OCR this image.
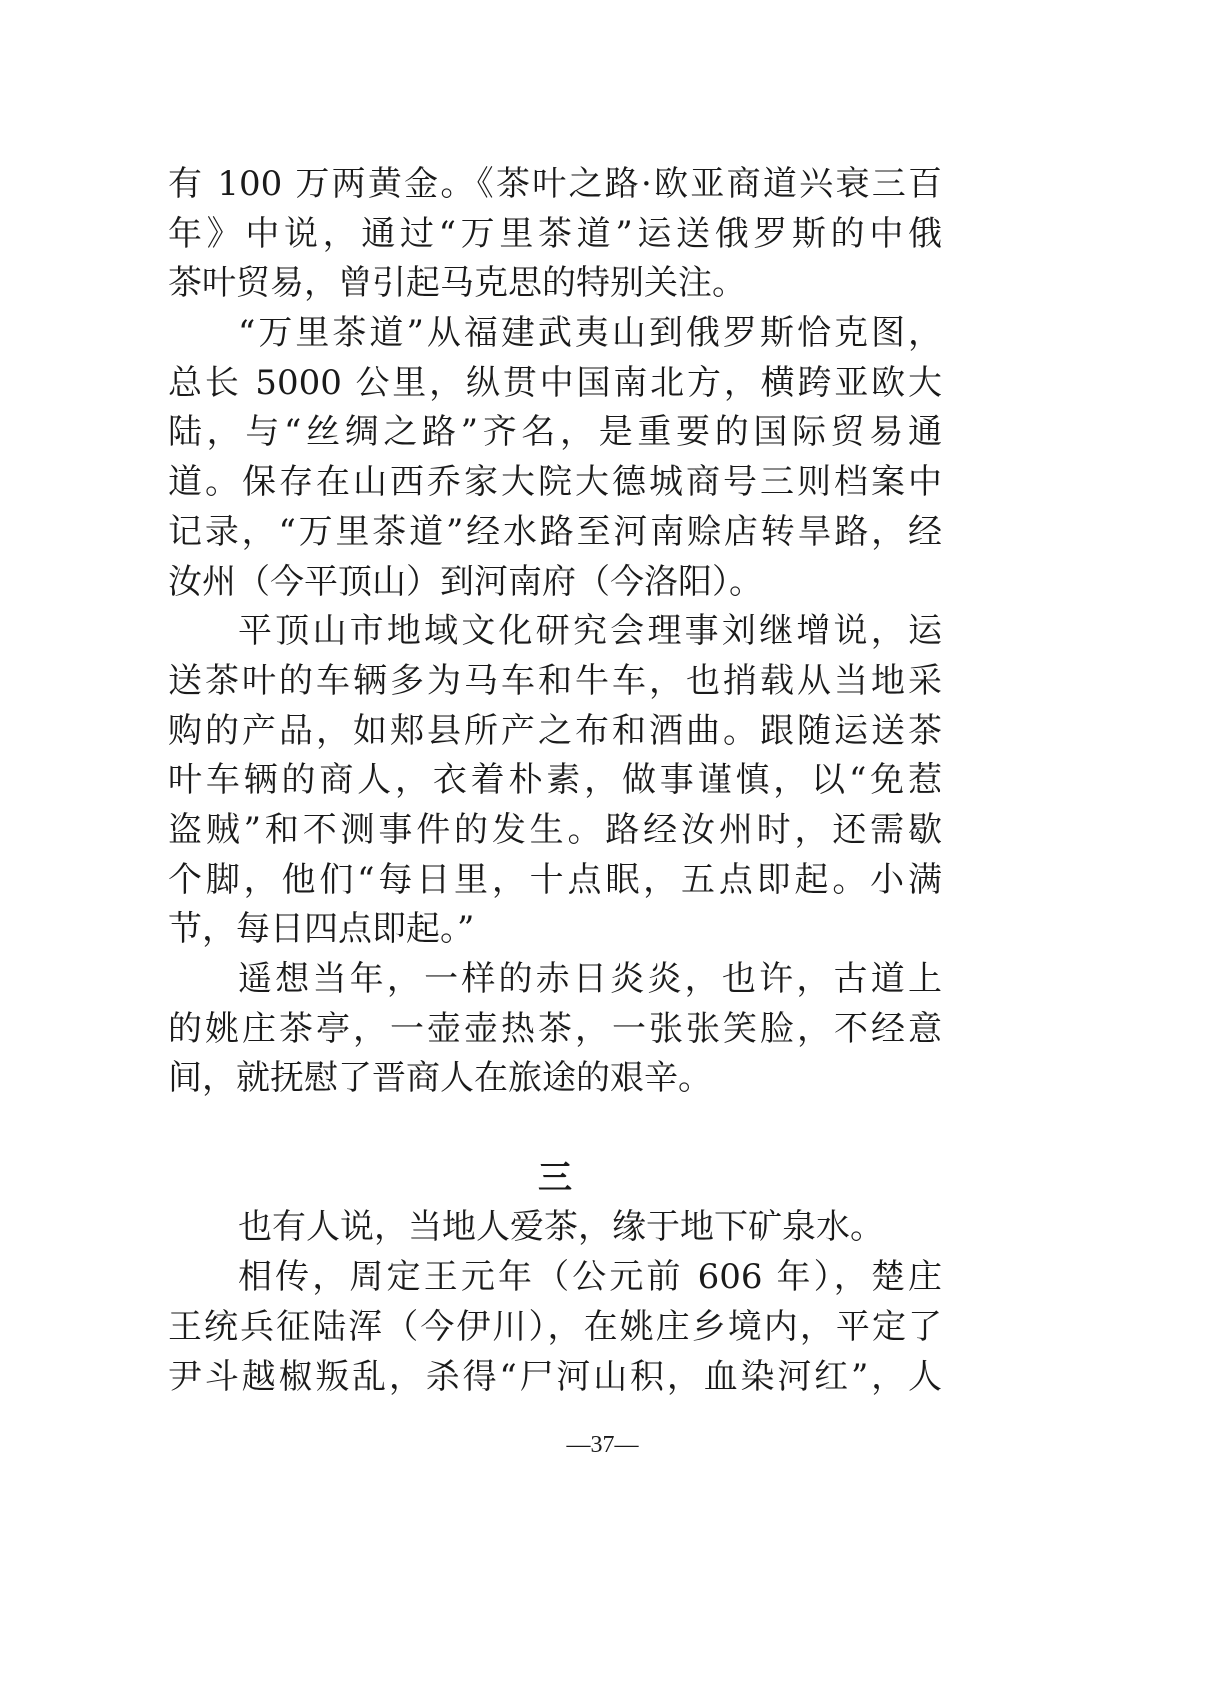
有 100 万两黄金。《茶叶之路·欧亚商道兴衰三百
年》中说，通过“万里茶道”运送俄罗斯的中俄
茶叶贸易，曾引起马克思的特别关注。
“万里茶道”从福建武夷山到俄罗斯恰克图，
总长 5000 公里，纵贯中国南北方，横跨亚欧大
陆，与“丝绸之路”齐名，是重要的国际贸易通
道。保存在山西乔家大院大德城商号三则档案中
记录，“万里茶道”经水路至河南赊店转旱路，经
汝州（今平顶山）到河南府（今洛阳）。
平顶山市地域文化研究会理事刘继增说，运
送茶叶的车辆多为马车和牛车，也捎载从当地采
购的产品，如郏县所产之布和酒曲。跟随运送茶
叶车辆的商人，衣着朴素，做事谨慎，以“免惹
盗贼”和不测事件的发生。路经汝州时，还需歇
个脚，他们“每日里，十点眠，五点即起。小满
节，每日四点即起。”
遥想当年，一样的赤日炎炎，也许，古道上
的姚庄茶亭，一壶壶热茶，一张张笑脸，不经意
间，就抚慰了晋商人在旅途的艰辛。
三
也有人说，当地人爱茶，缘于地下矿泉水。
相传，周定王元年（公元前 606 年），楚庄
王统兵征陆浑（今伊川），在姚庄乡境内，平定了
尹斗越椒叛乱，杀得“尸河山积，血染河红”，人
—37—
